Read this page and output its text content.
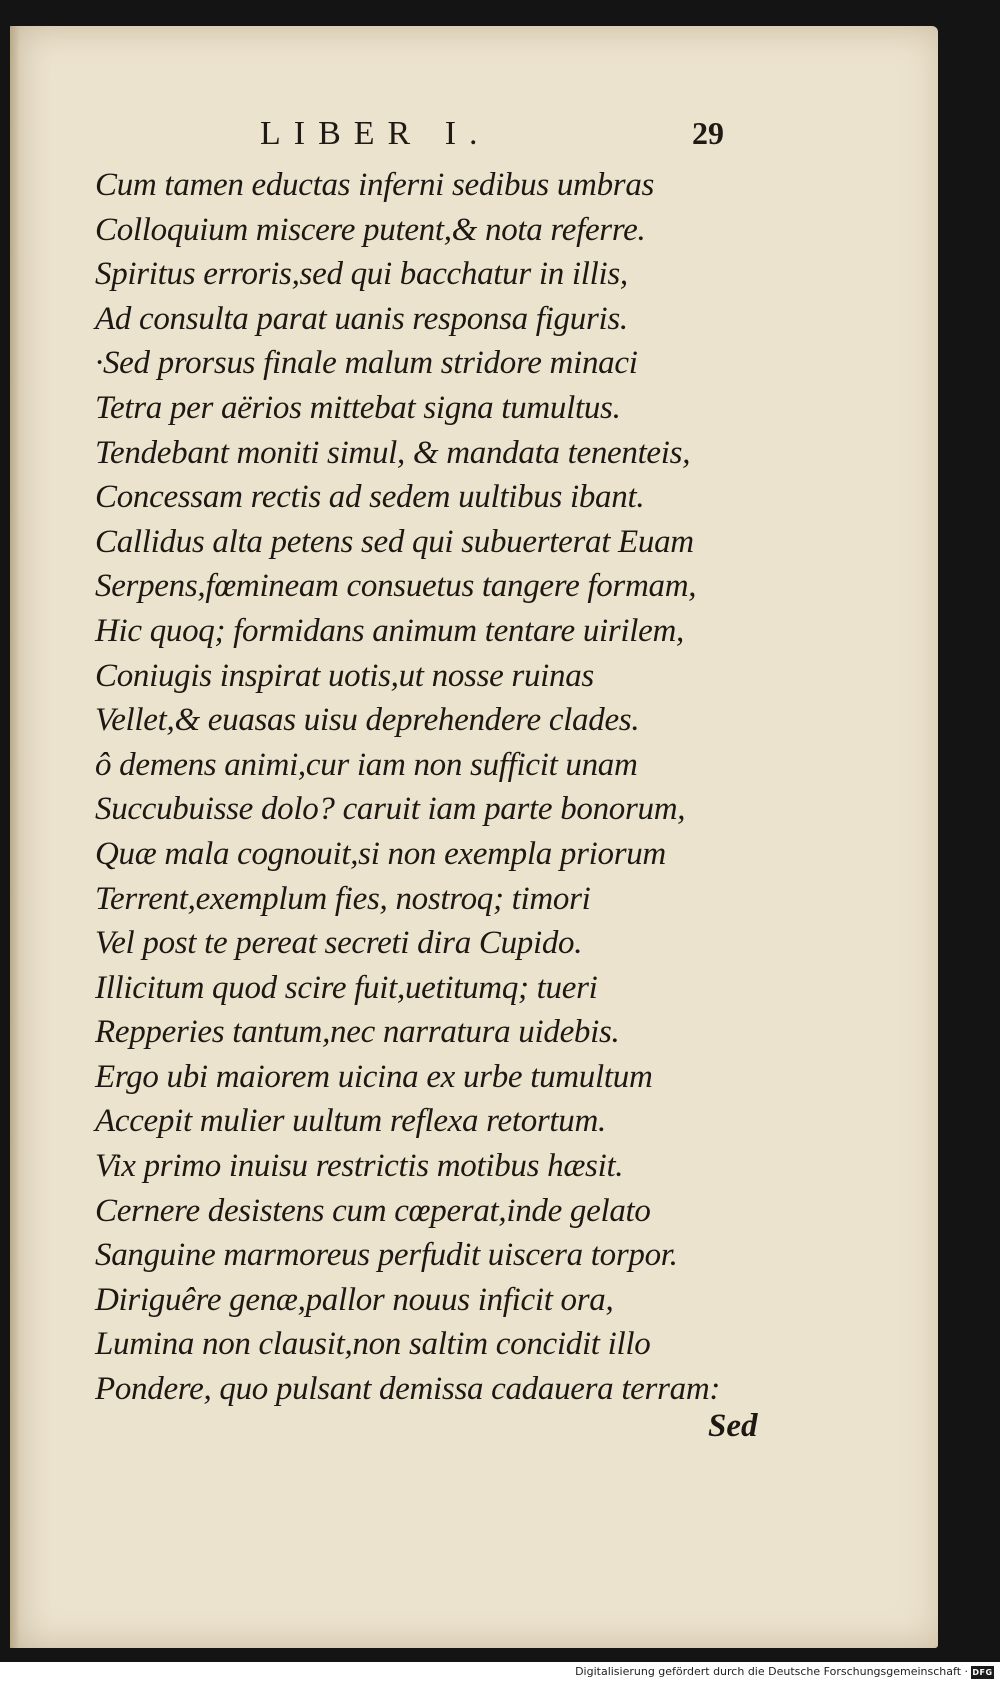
LIBER I.	29
Cum tamen eductas inferni sedibus umbras
Colloquium miscere putent,& nota referre.
Spiritus erroris,sed qui bacchatur in illis,
Ad consulta parat uanis responsa figuris.
·Sed prorsus finale malum stridore minaci
Tetra per aërios mittebat signa tumultus.
Tendebant moniti simul, & mandata tenenteis,
Concessam rectis ad sedem uultibus ibant.
Callidus alta petens sed qui subuerterat Euam
Serpens,fœmineam consuetus tangere formam,
Hic quoq; formidans animum tentare uirilem,
Coniugis inspirat uotis,ut nosse ruinas
Vellet,& euasas uisu deprehendere clades.
ô demens animi,cur iam non sufficit unam
Succubuisse dolo? caruit iam parte bonorum,
Quæ mala cognouit,si non exempla priorum
Terrent,exemplum fies, nostroq; timori
Vel post te pereat secreti dira Cupido.
Illicitum quod scire fuit,uetitumq; tueri
Repperies tantum,nec narratura uidebis.
Ergo ubi maiorem uicina ex urbe tumultum
Accepit mulier uultum reflexa retortum.
Vix primo inuisu restrictis motibus hæsit.
Cernere desistens cum cœperat,inde gelato
Sanguine marmoreus perfudit uiscera torpor.
Diriguêre genæ,pallor nouus inficit ora,
Lumina non clausit,non saltim concidit illo
Pondere, quo pulsant demissa cadauera terram:
Sed
Digitalisierung gefördert durch die Deutsche Forschungsgemeinschaft · DFG
